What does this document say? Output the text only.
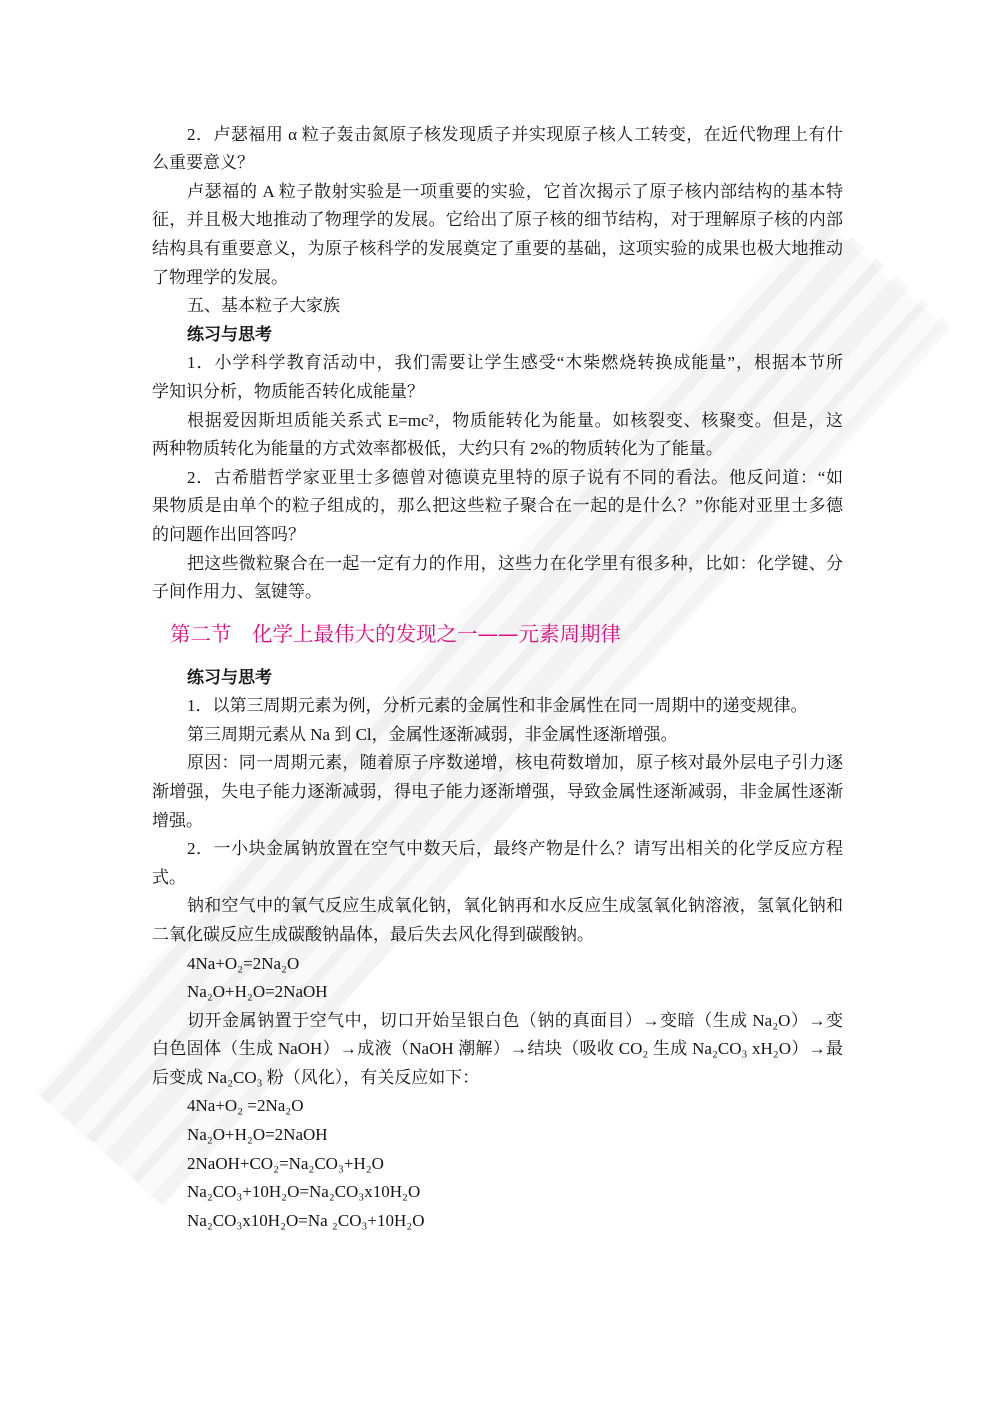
2．卢瑟福用 α 粒子轰击氮原子核发现质子并实现原子核人工转变，在近代物理上有什
么重要意义？
卢瑟福的 A 粒子散射实验是一项重要的实验，它首次揭示了原子核内部结构的基本特
征，并且极大地推动了物理学的发展。它给出了原子核的细节结构，对于理解原子核的内部
结构具有重要意义，为原子核科学的发展奠定了重要的基础，这项实验的成果也极大地推动
了物理学的发展。
五、基本粒子大家族
练习与思考
1．小学科学教育活动中，我们需要让学生感受“木柴燃烧转换成能量”，根据本节所
学知识分析，物质能否转化成能量？
根据爱因斯坦质能关系式 E=mc²，物质能转化为能量。如核裂变、核聚变。但是，这
两种物质转化为能量的方式效率都极低，大约只有 2%的物质转化为了能量。
2．古希腊哲学家亚里士多德曾对德谟克里特的原子说有不同的看法。他反问道：“如
果物质是由单个的粒子组成的，那么把这些粒子聚合在一起的是什么？”你能对亚里士多德
的问题作出回答吗？
把这些微粒聚合在一起一定有力的作用，这些力在化学里有很多种，比如：化学键、分
子间作用力、氢键等。
第二节　化学上最伟大的发现之一——元素周期律
练习与思考
1．以第三周期元素为例，分析元素的金属性和非金属性在同一周期中的递变规律。
第三周期元素从 Na 到 Cl，金属性逐渐减弱，非金属性逐渐增强。
原因：同一周期元素，随着原子序数递增，核电荷数增加，原子核对最外层电子引力逐
渐增强，失电子能力逐渐减弱，得电子能力逐渐增强，导致金属性逐渐减弱，非金属性逐渐
增强。
2．一小块金属钠放置在空气中数天后，最终产物是什么？请写出相关的化学反应方程
式。
钠和空气中的氧气反应生成氧化钠，氧化钠再和水反应生成氢氧化钠溶液，氢氧化钠和
二氧化碳反应生成碳酸钠晶体，最后失去风化得到碳酸钠。
4Na+O₂=2Na₂O
Na₂O+H₂O=2NaOH
切开金属钠置于空气中，切口开始呈银白色（钠的真面目）→变暗（生成 Na₂O）→变
白色固体（生成 NaOH）→成液（NaOH 潮解）→结块（吸收 CO₂ 生成 Na₂CO₃ xH₂O）→最
后变成 Na₂CO₃ 粉（风化），有关反应如下：
4Na+O₂ =2Na₂O
Na₂O+H₂O=2NaOH
2NaOH+CO₂=Na₂CO₃+H₂O
Na₂CO₃+10H₂O=Na₂CO₃x10H₂O
Na₂CO₃x10H₂O=Na ₂CO₃+10H₂O
